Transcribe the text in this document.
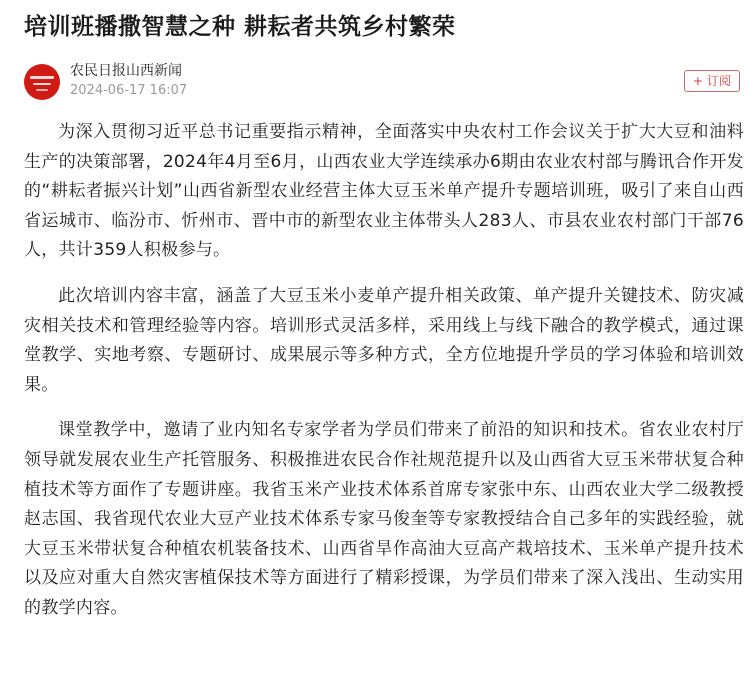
培训班播撒智慧之种 耕耘者共筑乡村繁荣
农民日报山西新闻
2024-06-17 16:07
+ 订阅

为深入贯彻习近平总书记重要指示精神，全面落实中央农村工作会议关于扩大大豆和油料生产的决策部署，2024年4月至6月，山西农业大学连续承办6期由农业农村部与腾讯合作开发的“耕耘者振兴计划”山西省新型农业经营主体大豆玉米单产提升专题培训班，吸引了来自山西省运城市、临汾市、忻州市、晋中市的新型农业主体带头人283人、市县农业农村部门干部76人，共计359人积极参与。

此次培训内容丰富，涵盖了大豆玉米小麦单产提升相关政策、单产提升关键技术、防灾减灾相关技术和管理经验等内容。培训形式灵活多样，采用线上与线下融合的教学模式，通过课堂教学、实地考察、专题研讨、成果展示等多种方式，全方位地提升学员的学习体验和培训效果。

课堂教学中，邀请了业内知名专家学者为学员们带来了前沿的知识和技术。省农业农村厅领导就发展农业生产托管服务、积极推进农民合作社规范提升以及山西省大豆玉米带状复合种植技术等方面作了专题讲座。我省玉米产业技术体系首席专家张中东、山西农业大学二级教授赵志国、我省现代农业大豆产业技术体系专家马俊奎等专家教授结合自己多年的实践经验，就大豆玉米带状复合种植农机装备技术、山西省旱作高油大豆高产栽培技术、玉米单产提升技术以及应对重大自然灾害植保技术等方面进行了精彩授课，为学员们带来了深入浅出、生动实用的教学内容。
